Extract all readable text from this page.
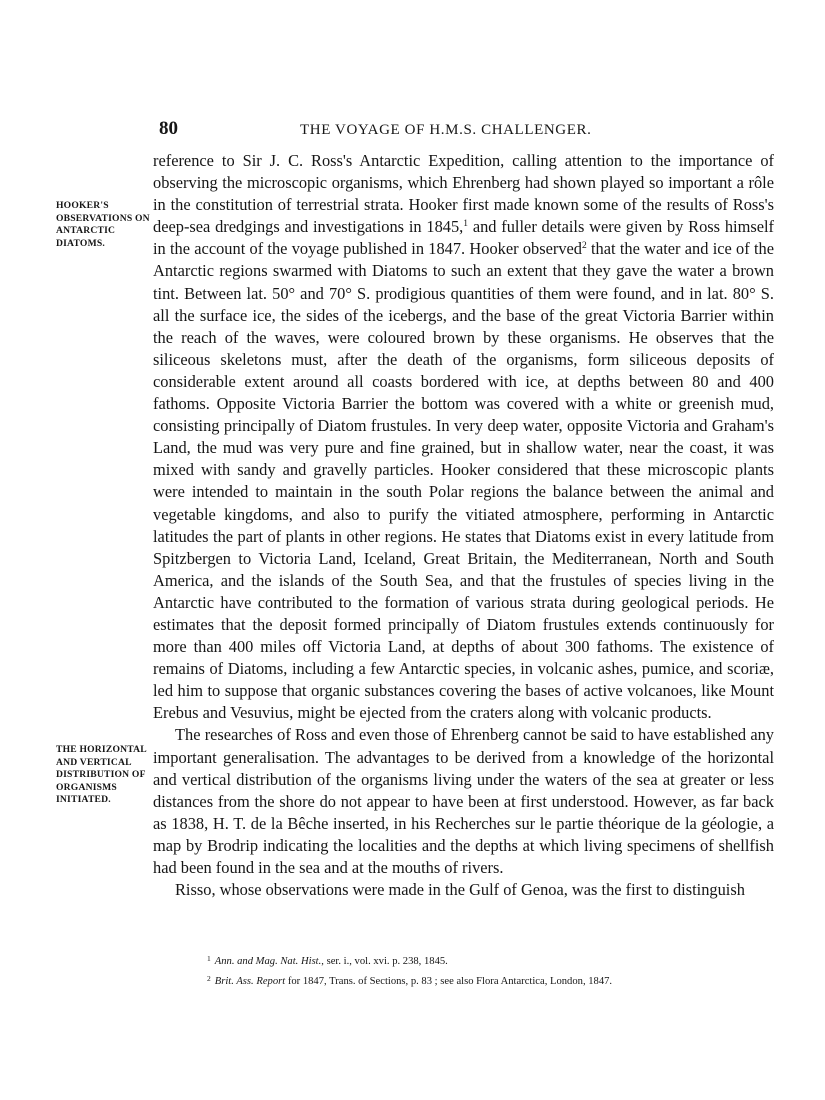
80	THE VOYAGE OF H.M.S. CHALLENGER.
HOOKER'S OBSERVATIONS ON ANTARCTIC DIATOMS.
THE HORIZONTAL AND VERTICAL DISTRIBUTION OF ORGANISMS INITIATED.

reference to Sir J. C. Ross's Antarctic Expedition, calling attention to the importance of observing the microscopic organisms, which Ehrenberg had shown played so important a rôle in the constitution of terrestrial strata. Hooker first made known some of the results of Ross's deep-sea dredgings and investigations in 1845,$^1$ and fuller details were given by Ross himself in the account of the voyage published in 1847. Hooker observed$^2$ that the water and ice of the Antarctic regions swarmed with Diatoms to such an extent that they gave the water a brown tint. Between lat. 50° and 70° S. prodigious quantities of them were found, and in lat. 80° S. all the surface ice, the sides of the icebergs, and the base of the great Victoria Barrier within the reach of the waves, were coloured brown by these organisms. He observes that the siliceous skeletons must, after the death of the organisms, form siliceous deposits of considerable extent around all coasts bordered with ice, at depths between 80 and 400 fathoms. Opposite Victoria Barrier the bottom was covered with a white or greenish mud, consisting principally of Diatom frustules. In very deep water, opposite Victoria and Graham's Land, the mud was very pure and fine grained, but in shallow water, near the coast, it was mixed with sandy and gravelly particles. Hooker considered that these microscopic plants were intended to maintain in the south Polar regions the balance between the animal and vegetable kingdoms, and also to purify the vitiated atmosphere, performing in Antarctic latitudes the part of plants in other regions. He states that Diatoms exist in every latitude from Spitzbergen to Victoria Land, Iceland, Great Britain, the Mediterranean, North and South America, and the islands of the South Sea, and that the frustules of species living in the Antarctic have contributed to the formation of various strata during geological periods. He estimates that the deposit formed principally of Diatom frustules extends continuously for more than 400 miles off Victoria Land, at depths of about 300 fathoms. The existence of remains of Diatoms, including a few Antarctic species, in volcanic ashes, pumice, and scoriæ, led him to suppose that organic substances covering the bases of active volcanoes, like Mount Erebus and Vesuvius, might be ejected from the craters along with volcanic products.

The researches of Ross and even those of Ehrenberg cannot be said to have established any important generalisation. The advantages to be derived from a knowledge of the horizontal and vertical distribution of the organisms living under the waters of the sea at greater or less distances from the shore do not appear to have been at first understood. However, as far back as 1838, H. T. de la Bêche inserted, in his Recherches sur le partie théorique de la géologie, a map by Brodrip indicating the localities and the depths at which living specimens of shellfish had been found in the sea and at the mouths of rivers.

Risso, whose observations were made in the Gulf of Genoa, was the first to distinguish

$^1$ Ann. and Mag. Nat. Hist., ser. i., vol. xvi. p. 238, 1845.
$^2$ Brit. Ass. Report for 1847, Trans. of Sections, p. 83 ; see also Flora Antarctica, London, 1847.
